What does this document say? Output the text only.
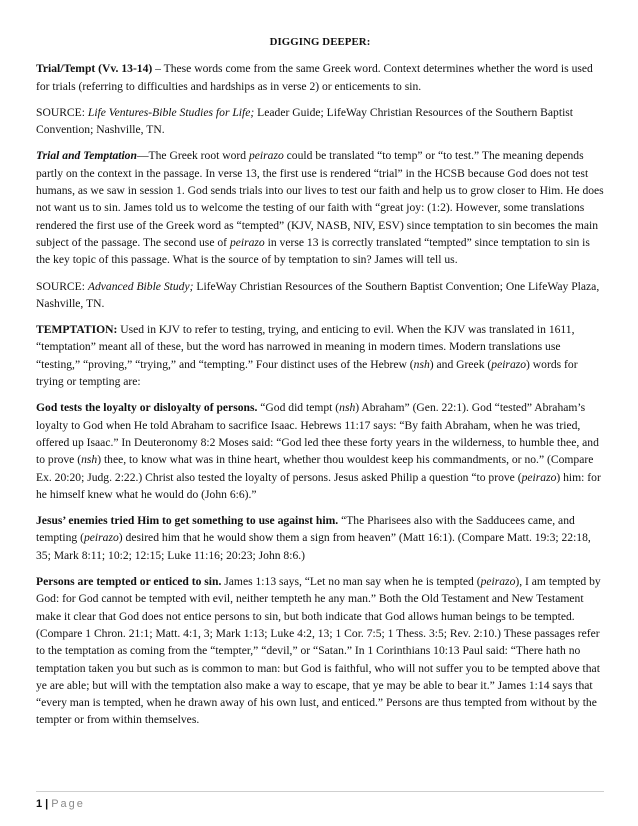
DIGGING DEEPER:

Trial/Tempt (Vv. 13-14) – These words come from the same Greek word. Context determines whether the word is used for trials (referring to difficulties and hardships as in verse 2) or enticements to sin.

SOURCE: Life Ventures-Bible Studies for Life; Leader Guide; LifeWay Christian Resources of the Southern Baptist Convention; Nashville, TN.

Trial and Temptation—The Greek root word peirazo could be translated “to temp” or “to test.” The meaning depends partly on the context in the passage. In verse 13, the first use is rendered “trial” in the HCSB because God does not test humans, as we saw in session 1. God sends trials into our lives to test our faith and help us to grow closer to Him. He does not want us to sin. James told us to welcome the testing of our faith with “great joy: (1:2). However, some translations rendered the first use of the Greek word as “tempted” (KJV, NASB, NIV, ESV) since temptation to sin becomes the main subject of the passage. The second use of peirazo in verse 13 is correctly translated “tempted” since temptation to sin is the key topic of this passage. What is the source of by temptation to sin? James will tell us.

SOURCE: Advanced Bible Study; LifeWay Christian Resources of the Southern Baptist Convention; One LifeWay Plaza, Nashville, TN.

TEMPTATION: Used in KJV to refer to testing, trying, and enticing to evil. When the KJV was translated in 1611, “temptation” meant all of these, but the word has narrowed in meaning in modern times. Modern translations use “testing,” “proving,” “trying,” and “tempting.” Four distinct uses of the Hebrew (nsh) and Greek (peirazo) words for trying or tempting are:

God tests the loyalty or disloyalty of persons. “God did tempt (nsh) Abraham” (Gen. 22:1). God “tested” Abraham’s loyalty to God when He told Abraham to sacrifice Isaac. Hebrews 11:17 says: “By faith Abraham, when he was tried, offered up Isaac.” In Deuteronomy 8:2 Moses said: “God led thee these forty years in the wilderness, to humble thee, and to prove (nsh) thee, to know what was in thine heart, whether thou wouldest keep his commandments, or no.” (Compare Ex. 20:20; Judg. 2:22.) Christ also tested the loyalty of persons. Jesus asked Philip a question “to prove (peirazo) him: for he himself knew what he would do (John 6:6).”

Jesus’ enemies tried Him to get something to use against him. “The Pharisees also with the Sadducees came, and tempting (peirazo) desired him that he would show them a sign from heaven” (Matt 16:1). (Compare Matt. 19:3; 22:18, 35; Mark 8:11; 10:2; 12:15; Luke 11:16; 20:23; John 8:6.)

Persons are tempted or enticed to sin. James 1:13 says, “Let no man say when he is tempted (peirazo), I am tempted by God: for God cannot be tempted with evil, neither tempteth he any man.” Both the Old Testament and New Testament make it clear that God does not entice persons to sin, but both indicate that God allows human beings to be tempted. (Compare 1 Chron. 21:1; Matt. 4:1, 3; Mark 1:13; Luke 4:2, 13; 1 Cor. 7:5; 1 Thess. 3:5; Rev. 2:10.) These passages refer to the temptation as coming from the “tempter,” “devil,” or “Satan.” In 1 Corinthians 10:13 Paul said: “There hath no temptation taken you but such as is common to man: but God is faithful, who will not suffer you to be tempted above that ye are able; but will with the temptation also make a way to escape, that ye may be able to bear it.” James 1:14 says that “every man is tempted, when he drawn away of his own lust, and enticed.” Persons are thus tempted from without by the tempter or from within themselves.

1 | Page
